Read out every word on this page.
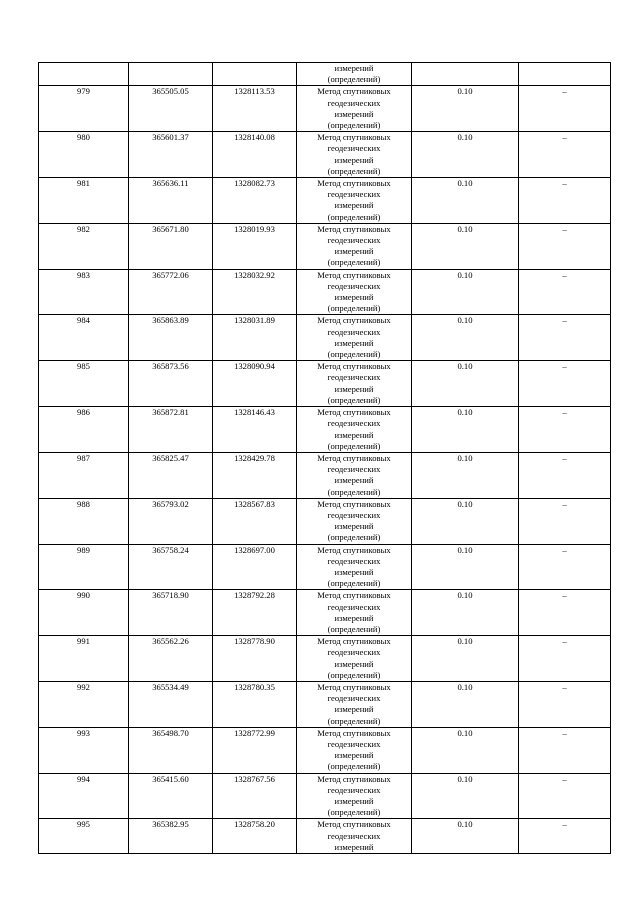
			измерений
(определений)		

979	365505.05	1328113.53	Метод спутниковых
геодезических
измерений
(определений)	0.10	–
980	365601.37	1328140.08	Метод спутниковых
геодезических
измерений
(определений)	0.10	–
981	365636.11	1328082.73	Метод спутниковых
геодезических
измерений
(определений)	0.10	–
982	365671.80	1328019.93	Метод спутниковых
геодезических
измерений
(определений)	0.10	–
983	365772.06	1328032.92	Метод спутниковых
геодезических
измерений
(определений)	0.10	–
984	365863.89	1328031.89	Метод спутниковых
геодезических
измерений
(определений)	0.10	–
985	365873.56	1328090.94	Метод спутниковых
геодезических
измерений
(определений)	0.10	–
986	365872.81	1328146.43	Метод спутниковых
геодезических
измерений
(определений)	0.10	–
987	365825.47	1328429.78	Метод спутниковых
геодезических
измерений
(определений)	0.10	–
988	365793.02	1328567.83	Метод спутниковых
геодезических
измерений
(определений)	0.10	–
989	365758.24	1328697.00	Метод спутниковых
геодезических
измерений
(определений)	0.10	–
990	365718.90	1328792.28	Метод спутниковых
геодезических
измерений
(определений)	0.10	–
991	365562.26	1328778.90	Метод спутниковых
геодезических
измерений
(определений)	0.10	–
992	365534.49	1328780.35	Метод спутниковых
геодезических
измерений
(определений)	0.10	–
993	365498.70	1328772.99	Метод спутниковых
геодезических
измерений
(определений)	0.10	–
994	365415.60	1328767.56	Метод спутниковых
геодезических
измерений
(определений)	0.10	–
995	365382.95	1328758.20	Метод спутниковых
геодезических
измерений	0.10	–
